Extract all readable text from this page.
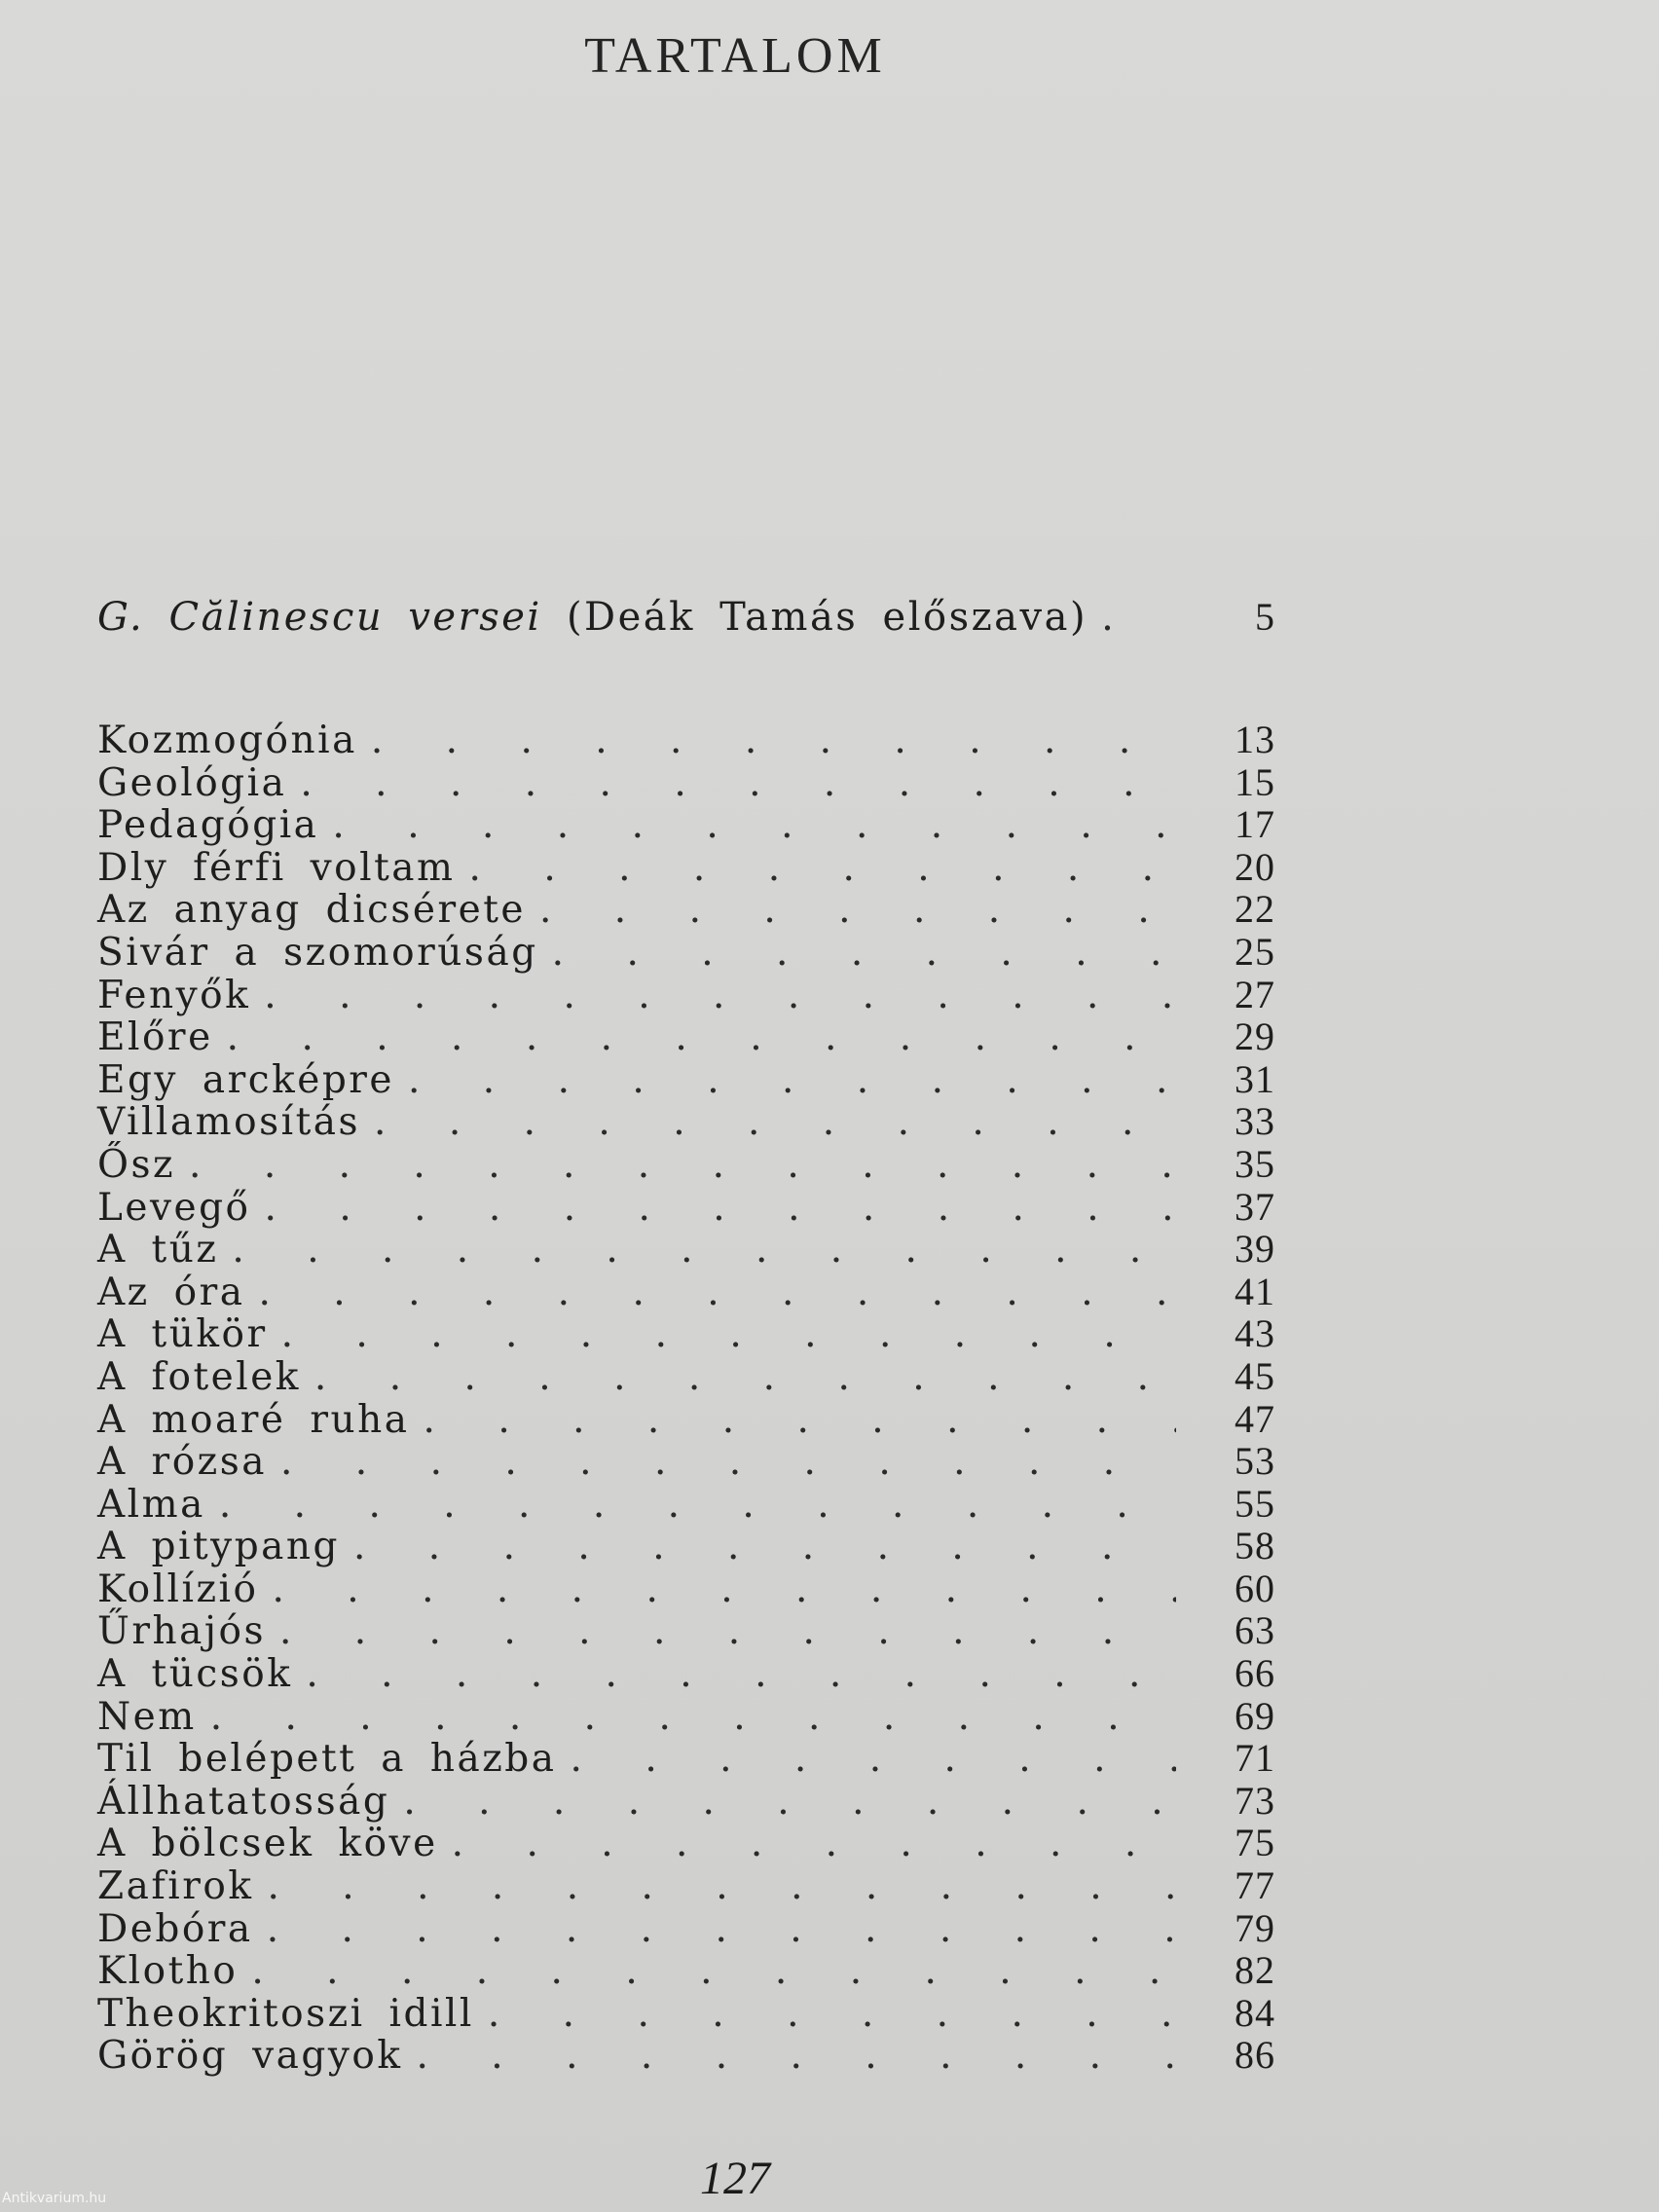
TARTALOM
G. Călinescu versei (Deák Tamás előszava) . . .	5
Kozmogónia . . .	13
Geológia . . .	15
Pedagógia . . .	17
Dly férfi voltam . . .	20
Az anyag dicsérete . . .	22
Sivár a szomorúság . . .	25
Fenyők . . .	27
Előre . . .	29
Egy arcképre . . .	31
Villamosítás . . .	33
Ősz . . .	35
Levegő . . .	37
A tűz . . .	39
Az óra . . .	41
A tükör . . .	43
A fotelek . . .	45
A moaré ruha . . .	47
A rózsa . . .	53
Alma . . .	55
A pitypang . . .	58
Kollízió . . .	60
Űrhajós . . .	63
A tücsök . . .	66
Nem . . .	69
Til belépett a házba . . .	71
Állhatatosság . . .	73
A bölcsek köve . . .	75
Zafirok . . .	77
Debóra . . .	79
Klotho . . .	82
Theokritoszi idill . . .	84
Görög vagyok . . .	86
127
Antikvarium.hu
